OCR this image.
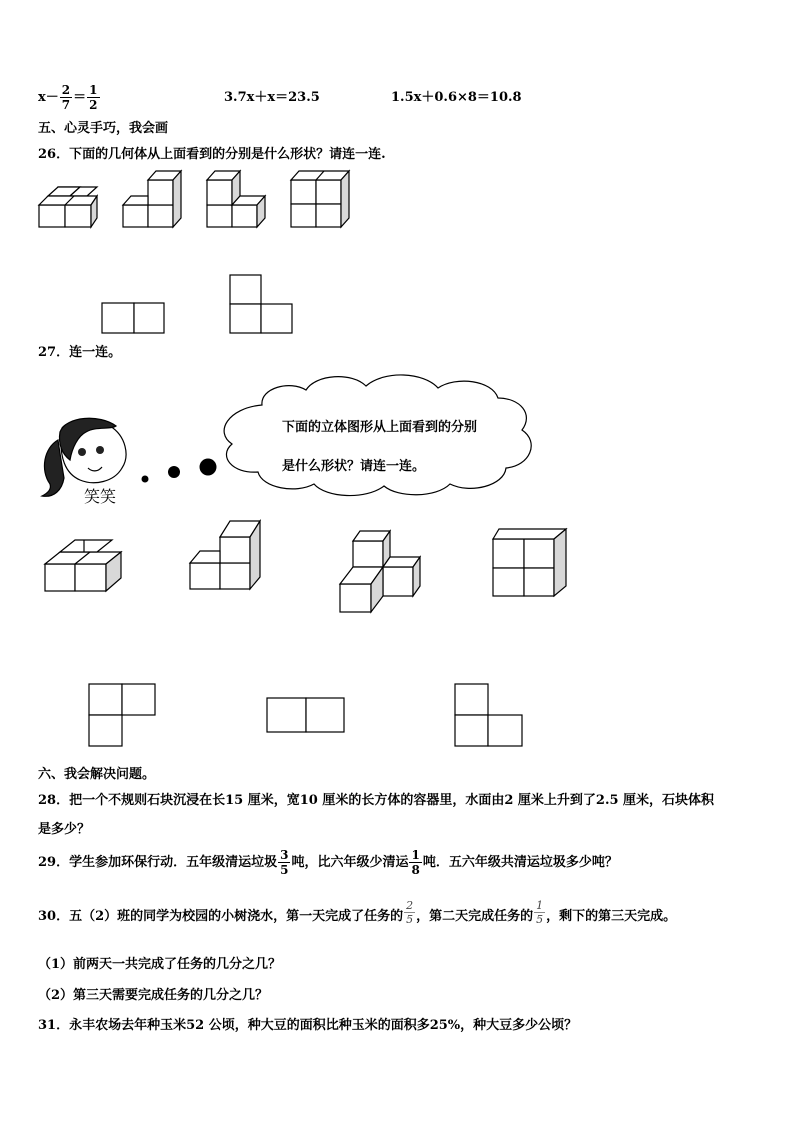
$x- \frac{2}{7} = \frac{1}{2}$	3.7x＋x＝23.5	1.5x＋0.6×8＝10.8
五、心灵手巧，我会画
26．下面的几何体从上面看到的分别是什么形状？请连一连.
27．连一连。
下面的立体图形从上面看到的分别
是什么形状？请连一连。
笑笑
六、我会解决问题。
28．把一个不规则石块沉浸在长15 厘米，宽10 厘米的长方体的容器里，水面由2 厘米上升到了2.5 厘米，石块体积
是多少？
29．学生参加环保行动．五年级清运垃圾 $\frac{3}{5}$ 吨，比六年级少清运 $\frac{1}{8}$ 吨．五六年级共清运垃圾多少吨？
30．五（2）班的同学为校园的小树浇水，第一天完成了任务的 $\frac{2}{5}$ ，第二天完成任务的 $\frac{1}{5}$ ，剩下的第三天完成。
（1）前两天一共完成了任务的几分之几？
（2）第三天需要完成任务的几分之几？
31．永丰农场去年种玉米52 公顷，种大豆的面积比种玉米的面积多25%，种大豆多少公顷？
